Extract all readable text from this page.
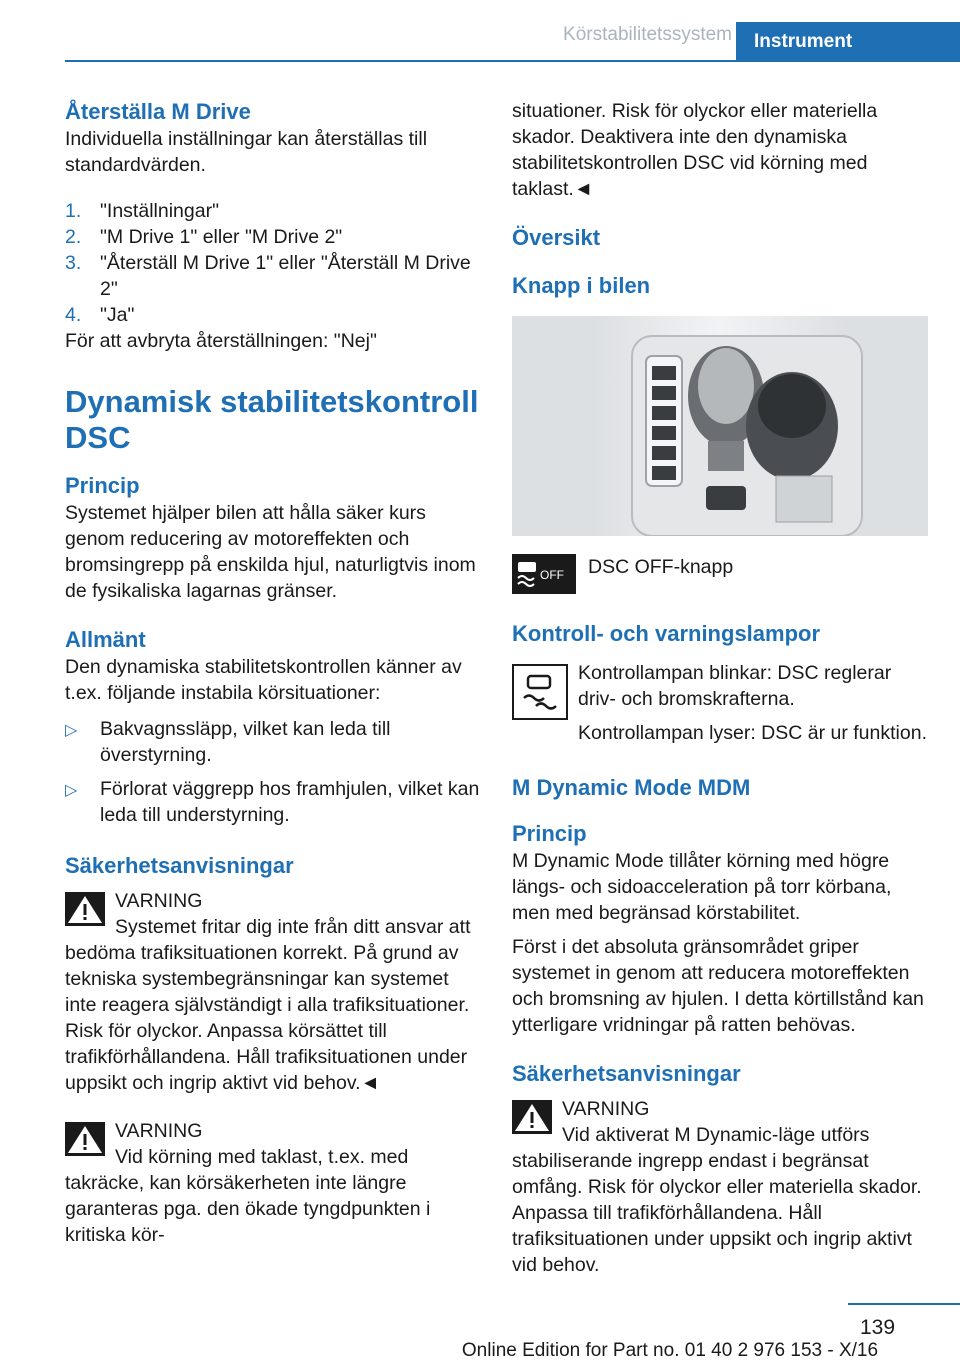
Körstabilitetssystem	Instrument
Återställa M Drive

Individuella inställningar kan återställas till standardvärden.

1. "Inställningar"
2. "M Drive 1" eller "M Drive 2"
3. "Återställ M Drive 1" eller "Återställ M Drive 2"
4. "Ja"

För att avbryta återställningen: "Nej"

Dynamisk stabilitetskontroll DSC
Princip

Systemet hjälper bilen att hålla säker kurs genom reducering av motoreffekten och bromsingrepp på enskilda hjul, naturligtvis inom de fysikaliska lagarnas gränser.

Allmänt

Den dynamiska stabilitetskontrollen känner av t.ex. följande instabila körsituationer:

▷ Bakvagnssläpp, vilket kan leda till överstyrning.
▷ Förlorat väggrepp hos framhjulen, vilket kan leda till understyrning.
Säkerhetsanvisningar

VARNING

Systemet fritar dig inte från ditt ansvar att bedöma trafiksituationen korrekt. På grund av tekniska systembegränsningar kan systemet inte reagera självständigt i alla trafiksituationer. Risk för olyckor. Anpassa körsättet till trafikförhållandena. Håll trafiksituationen under uppsikt och ingrip aktivt vid behov.◄

VARNING

Vid körning med taklast, t.ex. med takräcke, kan körsäkerheten inte längre garanteras pga. den ökade tyngdpunkten i kritiska kör-

situationer. Risk för olyckor eller materiella skador. Deaktivera inte den dynamiska stabilitetskontrollen DSC vid körning med taklast.◄

Översikt
Knapp i bilen
OFF DSC OFF-knapp
Kontroll- och varningslampor

Kontrollampan blinkar: DSC reglerar driv- och bromskrafterna.

Kontrollampan lyser: DSC är ur funktion.

M Dynamic Mode MDM
Princip

M Dynamic Mode tillåter körning med högre längs- och sidoacceleration på torr körbana, men med begränsad körstabilitet.

Först i det absoluta gränsområdet griper systemet in genom att reducera motoreffekten och bromsning av hjulen. I detta körtillstånd kan ytterligare vridningar på ratten behövas.

Säkerhetsanvisningar

VARNING

Vid aktiverat M Dynamic-läge utförs stabiliserande ingrepp endast i begränsat omfång. Risk för olyckor eller materiella skador. Anpassa till trafikförhållandena. Håll trafiksituationen under uppsikt och ingrip aktivt vid behov.

139
Online Edition for Part no. 01 40 2 976 153 - X/16
